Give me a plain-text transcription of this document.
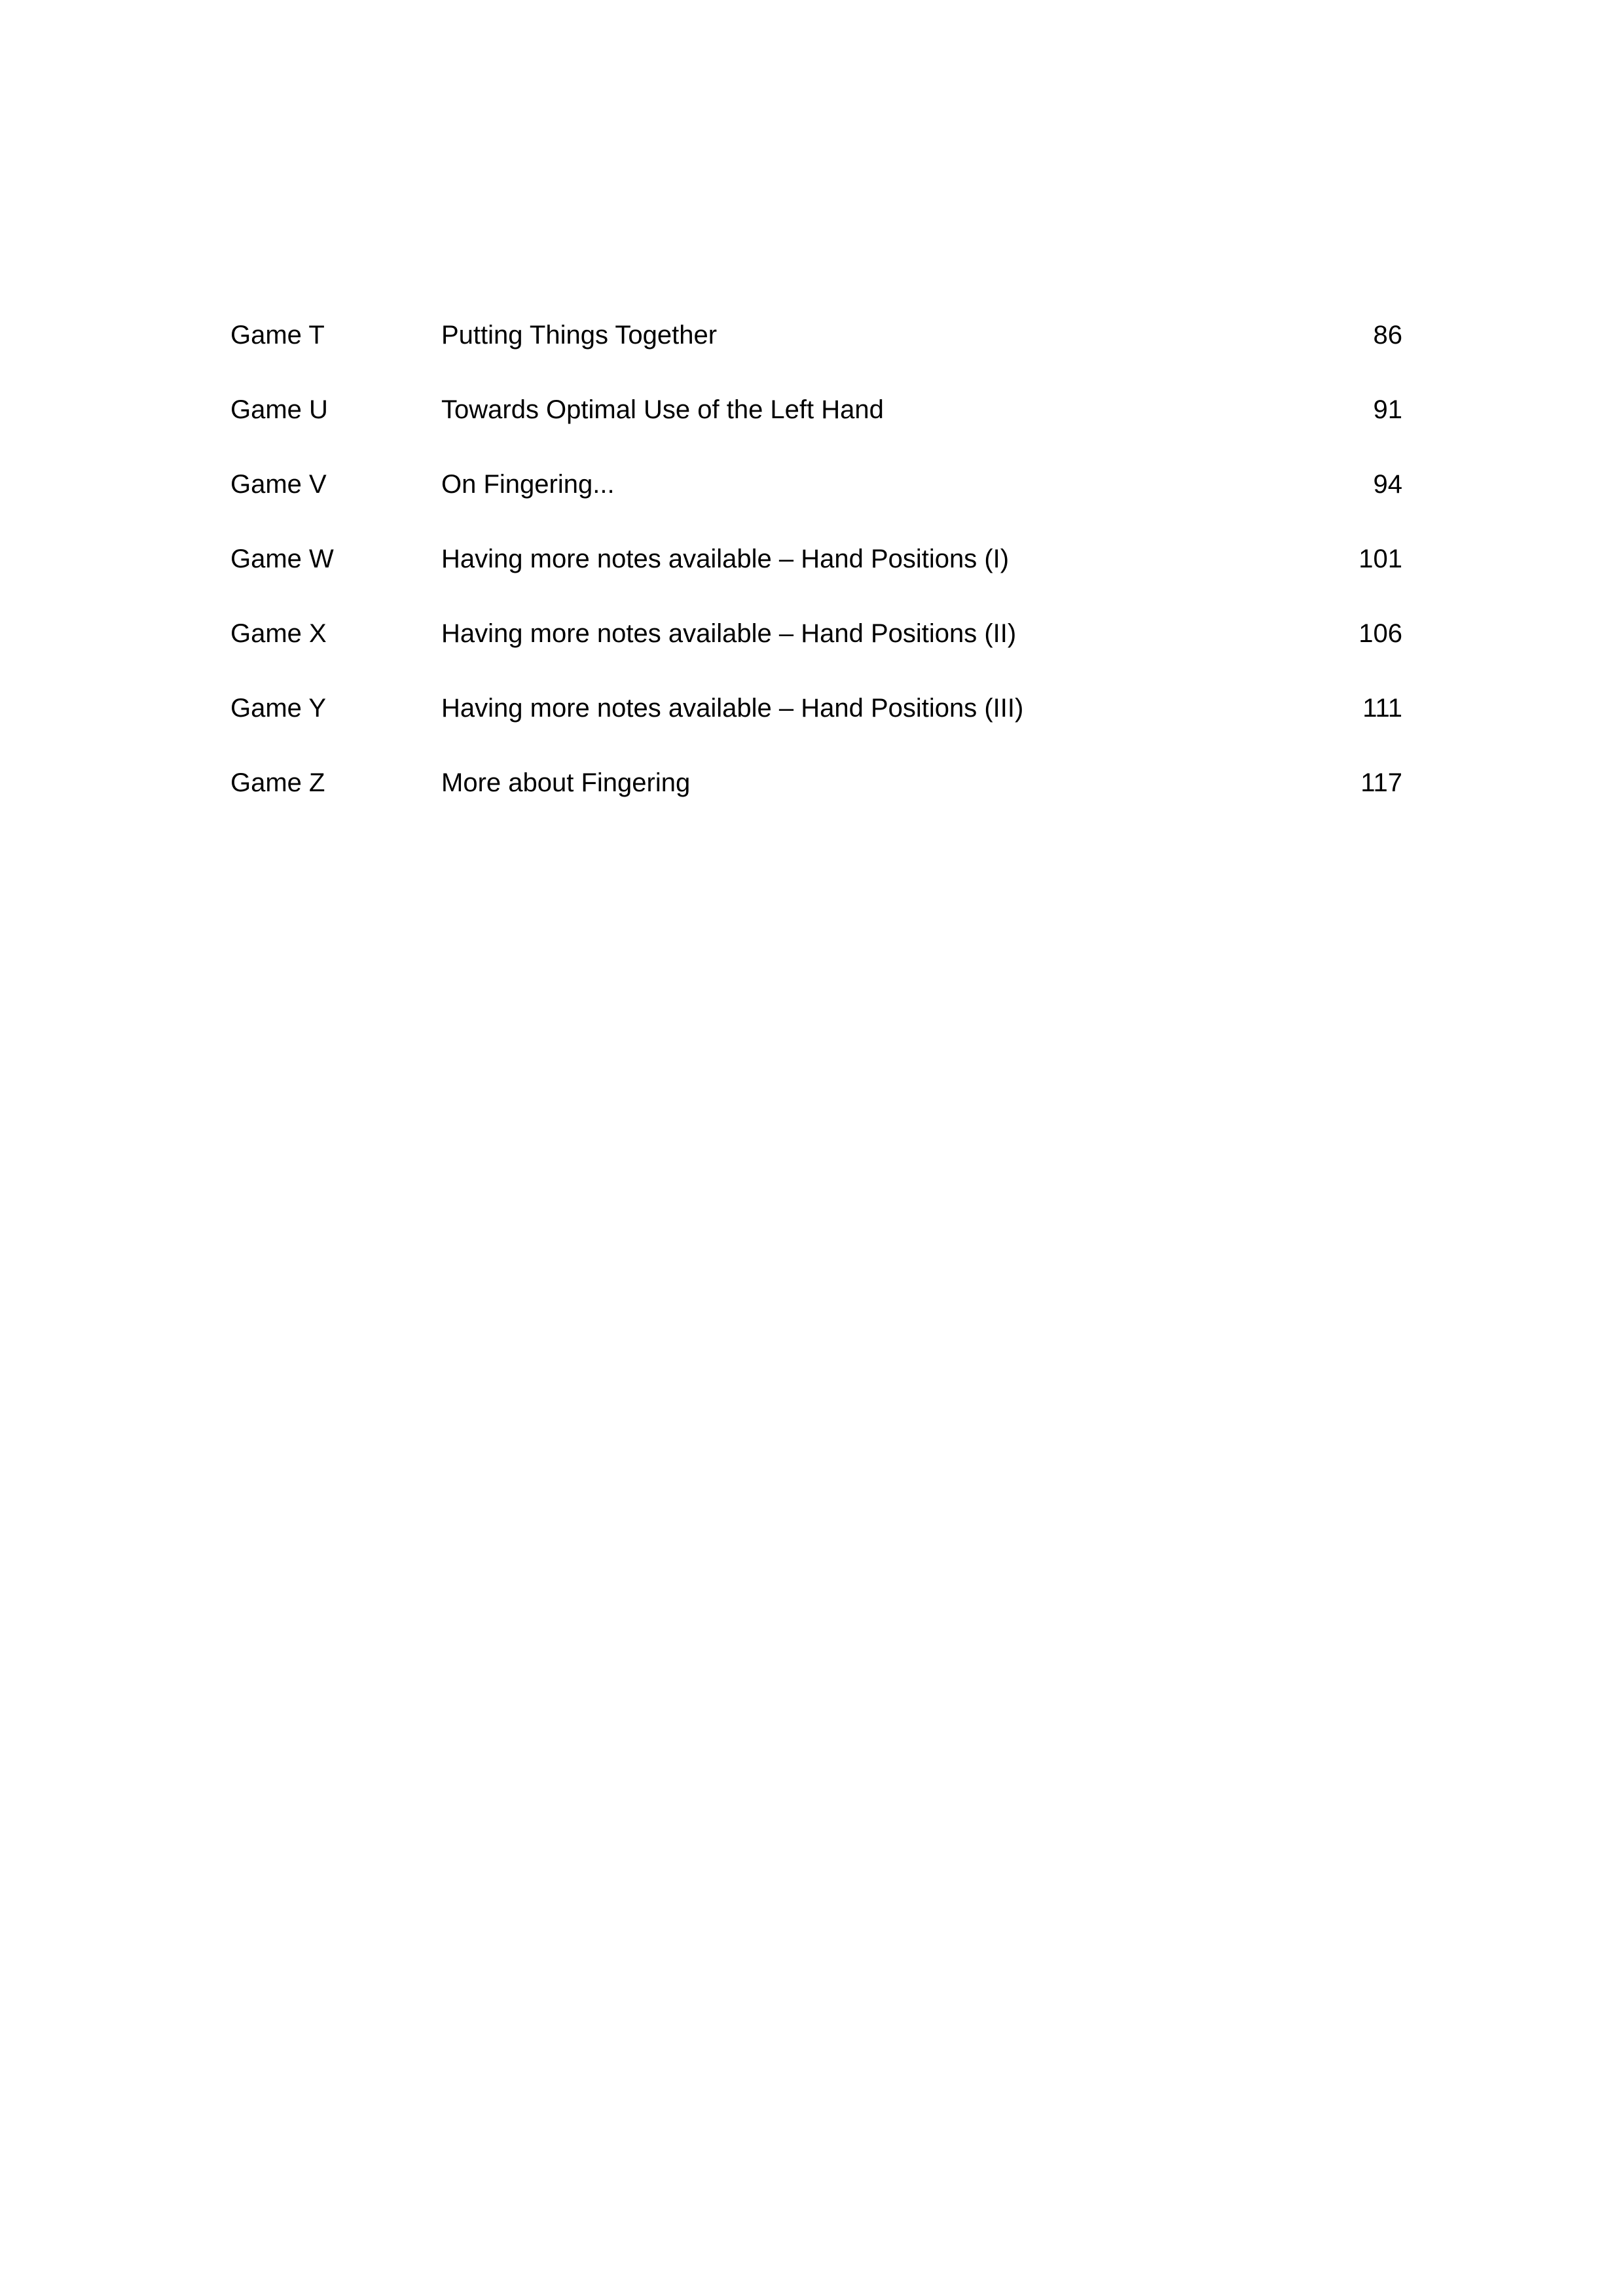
Game T	Putting Things Together	86
Game U	Towards Optimal Use of the Left Hand	91
Game V	On Fingering...	94
Game W	Having more notes available – Hand Positions (I)	101
Game X	Having more notes available – Hand Positions (II)	106
Game Y	Having more notes available – Hand Positions (III)	111
Game Z	More about Fingering	117
